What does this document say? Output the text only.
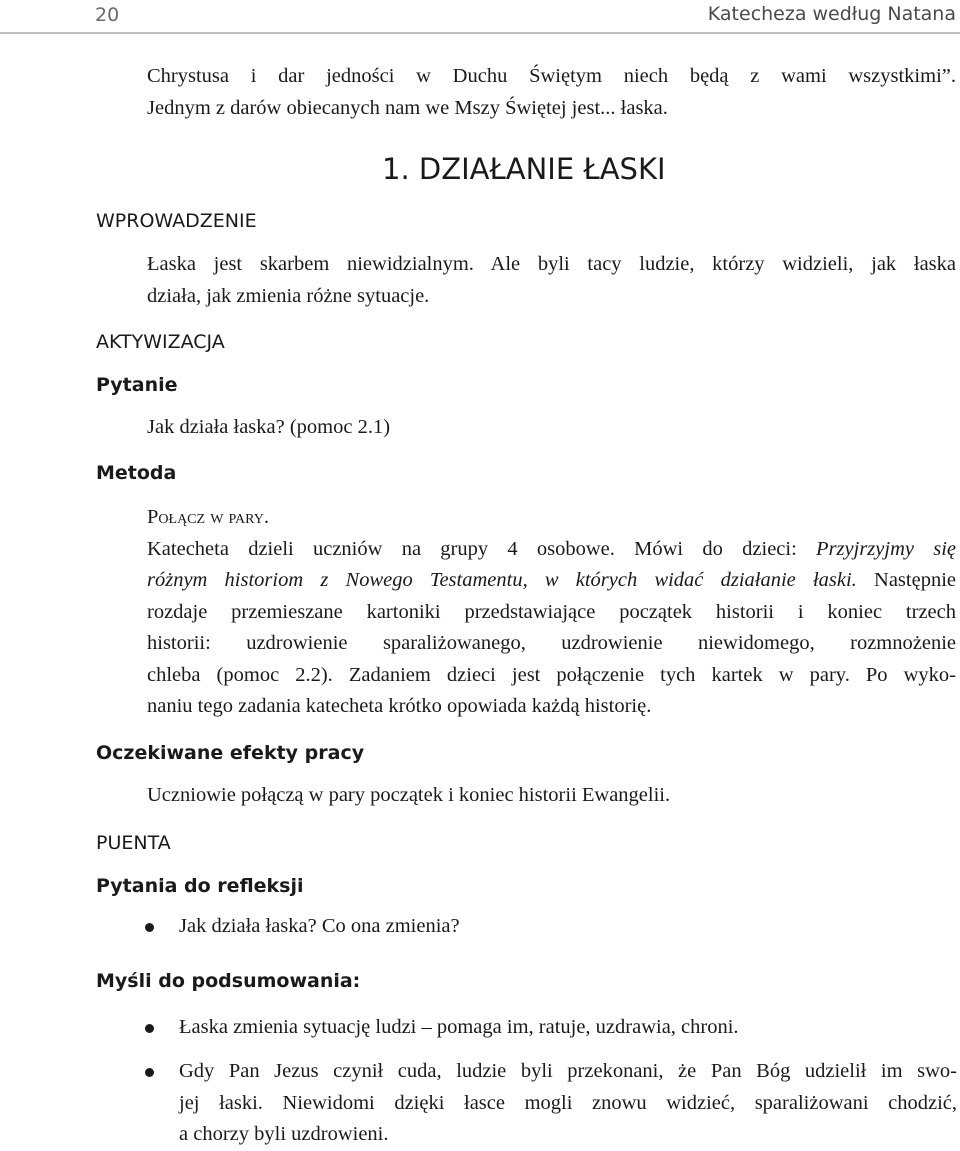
20	Katecheza według Natana
Chrystusa i dar jedności w Duchu Świętym niech będą z wami wszystkimi”.
Jednym z darów obiecanych nam we Mszy Świętej jest... łaska.
1. DZIAŁANIE ŁASKI
WPROWADZENIE
Łaska jest skarbem niewidzialnym. Ale byli tacy ludzie, którzy widzieli, jak łaska
działa, jak zmienia różne sytuacje.
AKTYWIZACJA
Pytanie
Jak działa łaska? (pomoc 2.1)
Metoda
Połącz w pary.
Katecheta dzieli uczniów na grupy 4 osobowe. Mówi do dzieci: Przyjrzyjmy się
różnym historiom z Nowego Testamentu, w których widać działanie łaski. Następnie
rozdaje przemieszane kartoniki przedstawiające początek historii i koniec trzech
historii: uzdrowienie sparaliżowanego, uzdrowienie niewidomego, rozmnożenie
chleba (pomoc 2.2). Zadaniem dzieci jest połączenie tych kartek w pary. Po wyko-
naniu tego zadania katecheta krótko opowiada każdą historię.
Oczekiwane efekty pracy
Uczniowie połączą w pary początek i koniec historii Ewangelii.
PUENTA
Pytania do refleksji
Jak działa łaska? Co ona zmienia?
Myśli do podsumowania:
Łaska zmienia sytuację ludzi – pomaga im, ratuje, uzdrawia, chroni.
Gdy Pan Jezus czynił cuda, ludzie byli przekonani, że Pan Bóg udzielił im swo-
jej łaski. Niewidomi dzięki łasce mogli znowu widzieć, sparaliżowani chodzić,
a chorzy byli uzdrowieni.
